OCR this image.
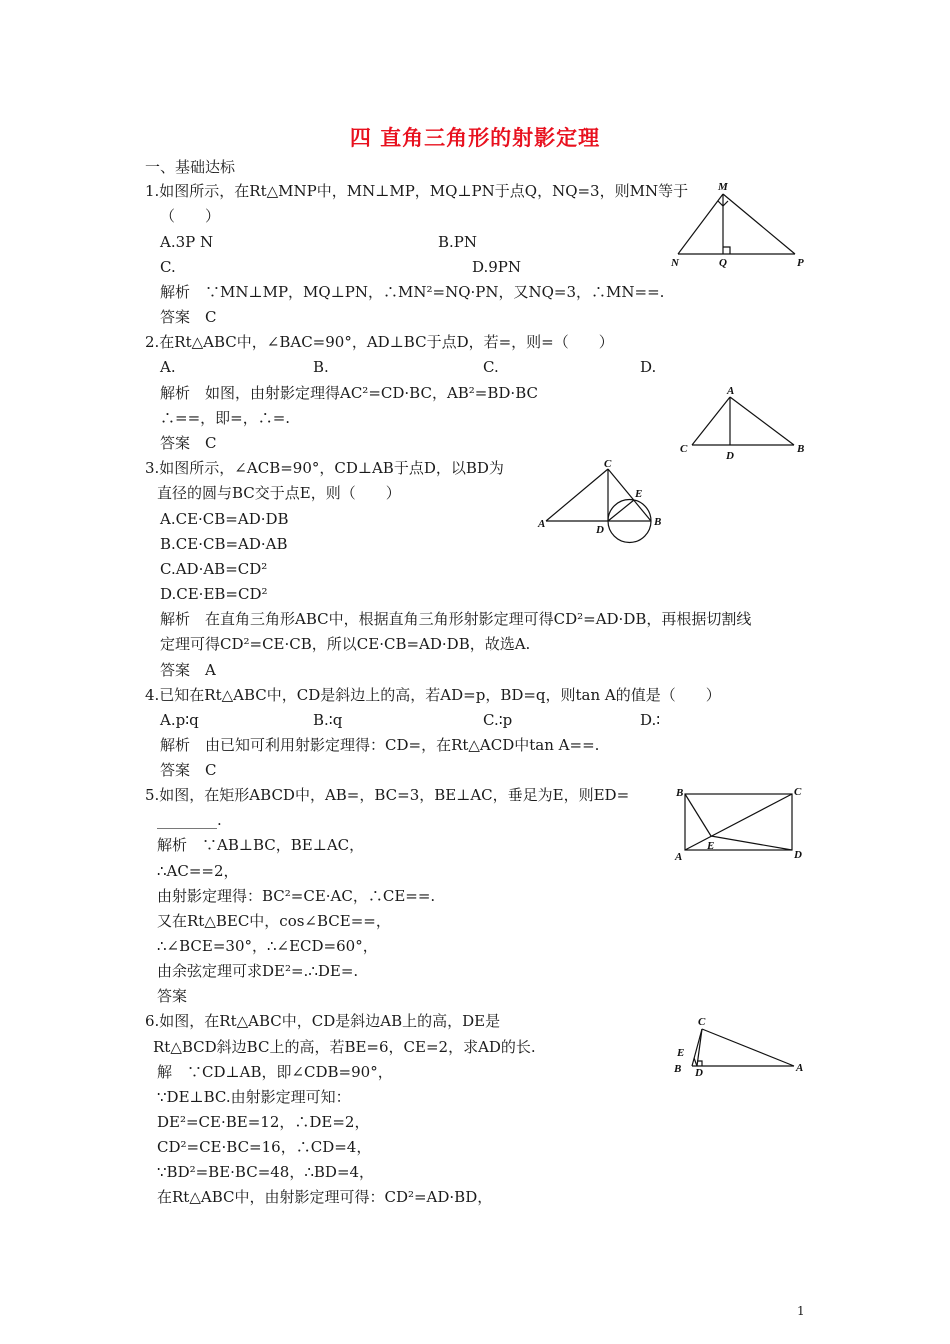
四 直角三角形的射影定理
一、基础达标
1.如图所示，在Rt△MNP中，MN⊥MP，MQ⊥PN于点Q，NQ=3，则MN等于
（　　）
A.3P N	B.PN
C.	D.9PN
解析　∵MN⊥MP，MQ⊥PN，∴MN²=NQ·PN，又NQ=3，∴MN==.
答案　C
2.在Rt△ABC中，∠BAC=90°，AD⊥BC于点D，若=，则=（　　）
A.	B.	C.	D.
解析　如图，由射影定理得AC²=CD·BC，AB²=BD·BC
∴==，即=，∴=.
答案　C
3.如图所示，∠ACB=90°，CD⊥AB于点D，以BD为
直径的圆与BC交于点E，则（　　）
A.CE·CB=AD·DB
B.CE·CB=AD·AB
C.AD·AB=CD²
D.CE·EB=CD²
解析　在直角三角形ABC中，根据直角三角形射影定理可得CD²=AD·DB，再根据切割线
定理可得CD²=CE·CB，所以CE·CB=AD·DB，故选A.
答案　A
4.已知在Rt△ABC中，CD是斜边上的高，若AD=p，BD=q，则tan A的值是（　　）
A.p∶q	B.∶q	C.∶p	D.∶
解析　由已知可利用射影定理得：CD=，在Rt△ACD中tan A==.
答案　C
5.如图，在矩形ABCD中，AB=，BC=3，BE⊥AC，垂足为E，则ED=
________.
解析　∵AB⊥BC，BE⊥AC，
∴AC==2，
由射影定理得：BC²=CE·AC，∴CE==.
又在Rt△BEC中，cos∠BCE==，
∴∠BCE=30°，∴∠ECD=60°，
由余弦定理可求DE²=.∴DE=.
答案
6.如图，在Rt△ABC中，CD是斜边AB上的高，DE是
Rt△BCD斜边BC上的高，若BE=6，CE=2，求AD的长.
解　∵CD⊥AB，即∠CDB=90°，
∵DE⊥BC.由射影定理可知：
DE²=CE·BE=12，∴DE=2，
CD²=CE·BC=16，∴CD=4，
∵BD²=BE·BC=48，∴BD=4，
在Rt△ABC中，由射影定理可得：CD²=AD·BD，
M
N	Q	P
A
C
D
B
C
E
A	D
B
B	C
E
A	D
C
E
B D	A
1
